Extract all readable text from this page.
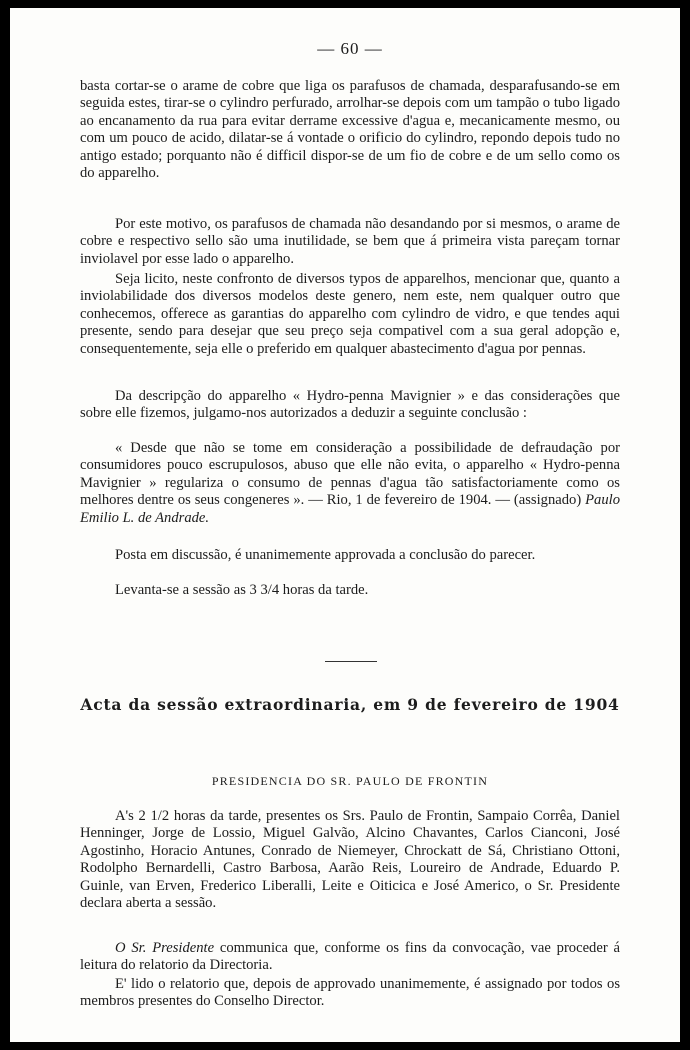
— 60 —

basta cortar-se o arame de cobre que liga os parafusos de chamada, desparafusando-se em seguida estes, tirar-se o cylindro perfurado, arrolhar-se depois com um tampão o tubo ligado ao encanamento da rua para evitar derrame excessive d'agua e, mecanicamente mesmo, ou com um pouco de acido, dilatar-se á vontade o orificio do cylindro, repondo depois tudo no antigo estado; porquanto não é difficil dispor-se de um fio de cobre e de um sello como os do apparelho.

Por este motivo, os parafusos de chamada não desandando por si mesmos, o arame de cobre e respectivo sello são uma inutilidade, se bem que á primeira vista pareçam tornar inviolavel por esse lado o apparelho.

Seja licito, neste confronto de diversos typos de apparelhos, mencionar que, quanto a inviolabilidade dos diversos modelos deste genero, nem este, nem qualquer outro que conhecemos, offerece as garantias do apparelho com cylindro de vidro, e que tendes aqui presente, sendo para desejar que seu preço seja compativel com a sua geral adopção e, consequentemente, seja elle o preferido em qualquer abastecimento d'agua por pennas.

Da descripção do apparelho « Hydro-penna Mavignier » e das considerações que sobre elle fizemos, julgamo-nos autorizados a deduzir a seguinte conclusão :

« Desde que não se tome em consideração a possibilidade de defraudação por consumidores pouco escrupulosos, abuso que elle não evita, o apparelho « Hydro-penna Mavignier » regulariza o consumo de pennas d'agua tão satisfactoriamente como os melhores dentre os seus congeneres ». — Rio, 1 de fevereiro de 1904. — (assignado) Paulo Emilio L. de Andrade.

Posta em discussão, é unanimemente approvada a conclusão do parecer.

Levanta-se a sessão as 3 3/4 horas da tarde.

Acta da sessão extraordinaria, em 9 de fevereiro de 1904
PRESIDENCIA DO SR. PAULO DE FRONTIN

A's 2 1/2 horas da tarde, presentes os Srs. Paulo de Frontin, Sampaio Corrêa, Daniel Henninger, Jorge de Lossio, Miguel Galvão, Alcino Chavantes, Carlos Cianconi, José Agostinho, Horacio Antunes, Conrado de Niemeyer, Chrockatt de Sá, Christiano Ottoni, Rodolpho Bernardelli, Castro Barbosa, Aarão Reis, Loureiro de Andrade, Eduardo P. Guinle, van Erven, Frederico Liberalli, Leite e Oiticica e José Americo, o Sr. Presidente declara aberta a sessão.

O Sr. Presidente communica que, conforme os fins da convocação, vae proceder á leitura do relatorio da Directoria.

E' lido o relatorio que, depois de approvado unanimemente, é assignado por todos os membros presentes do Conselho Director.
